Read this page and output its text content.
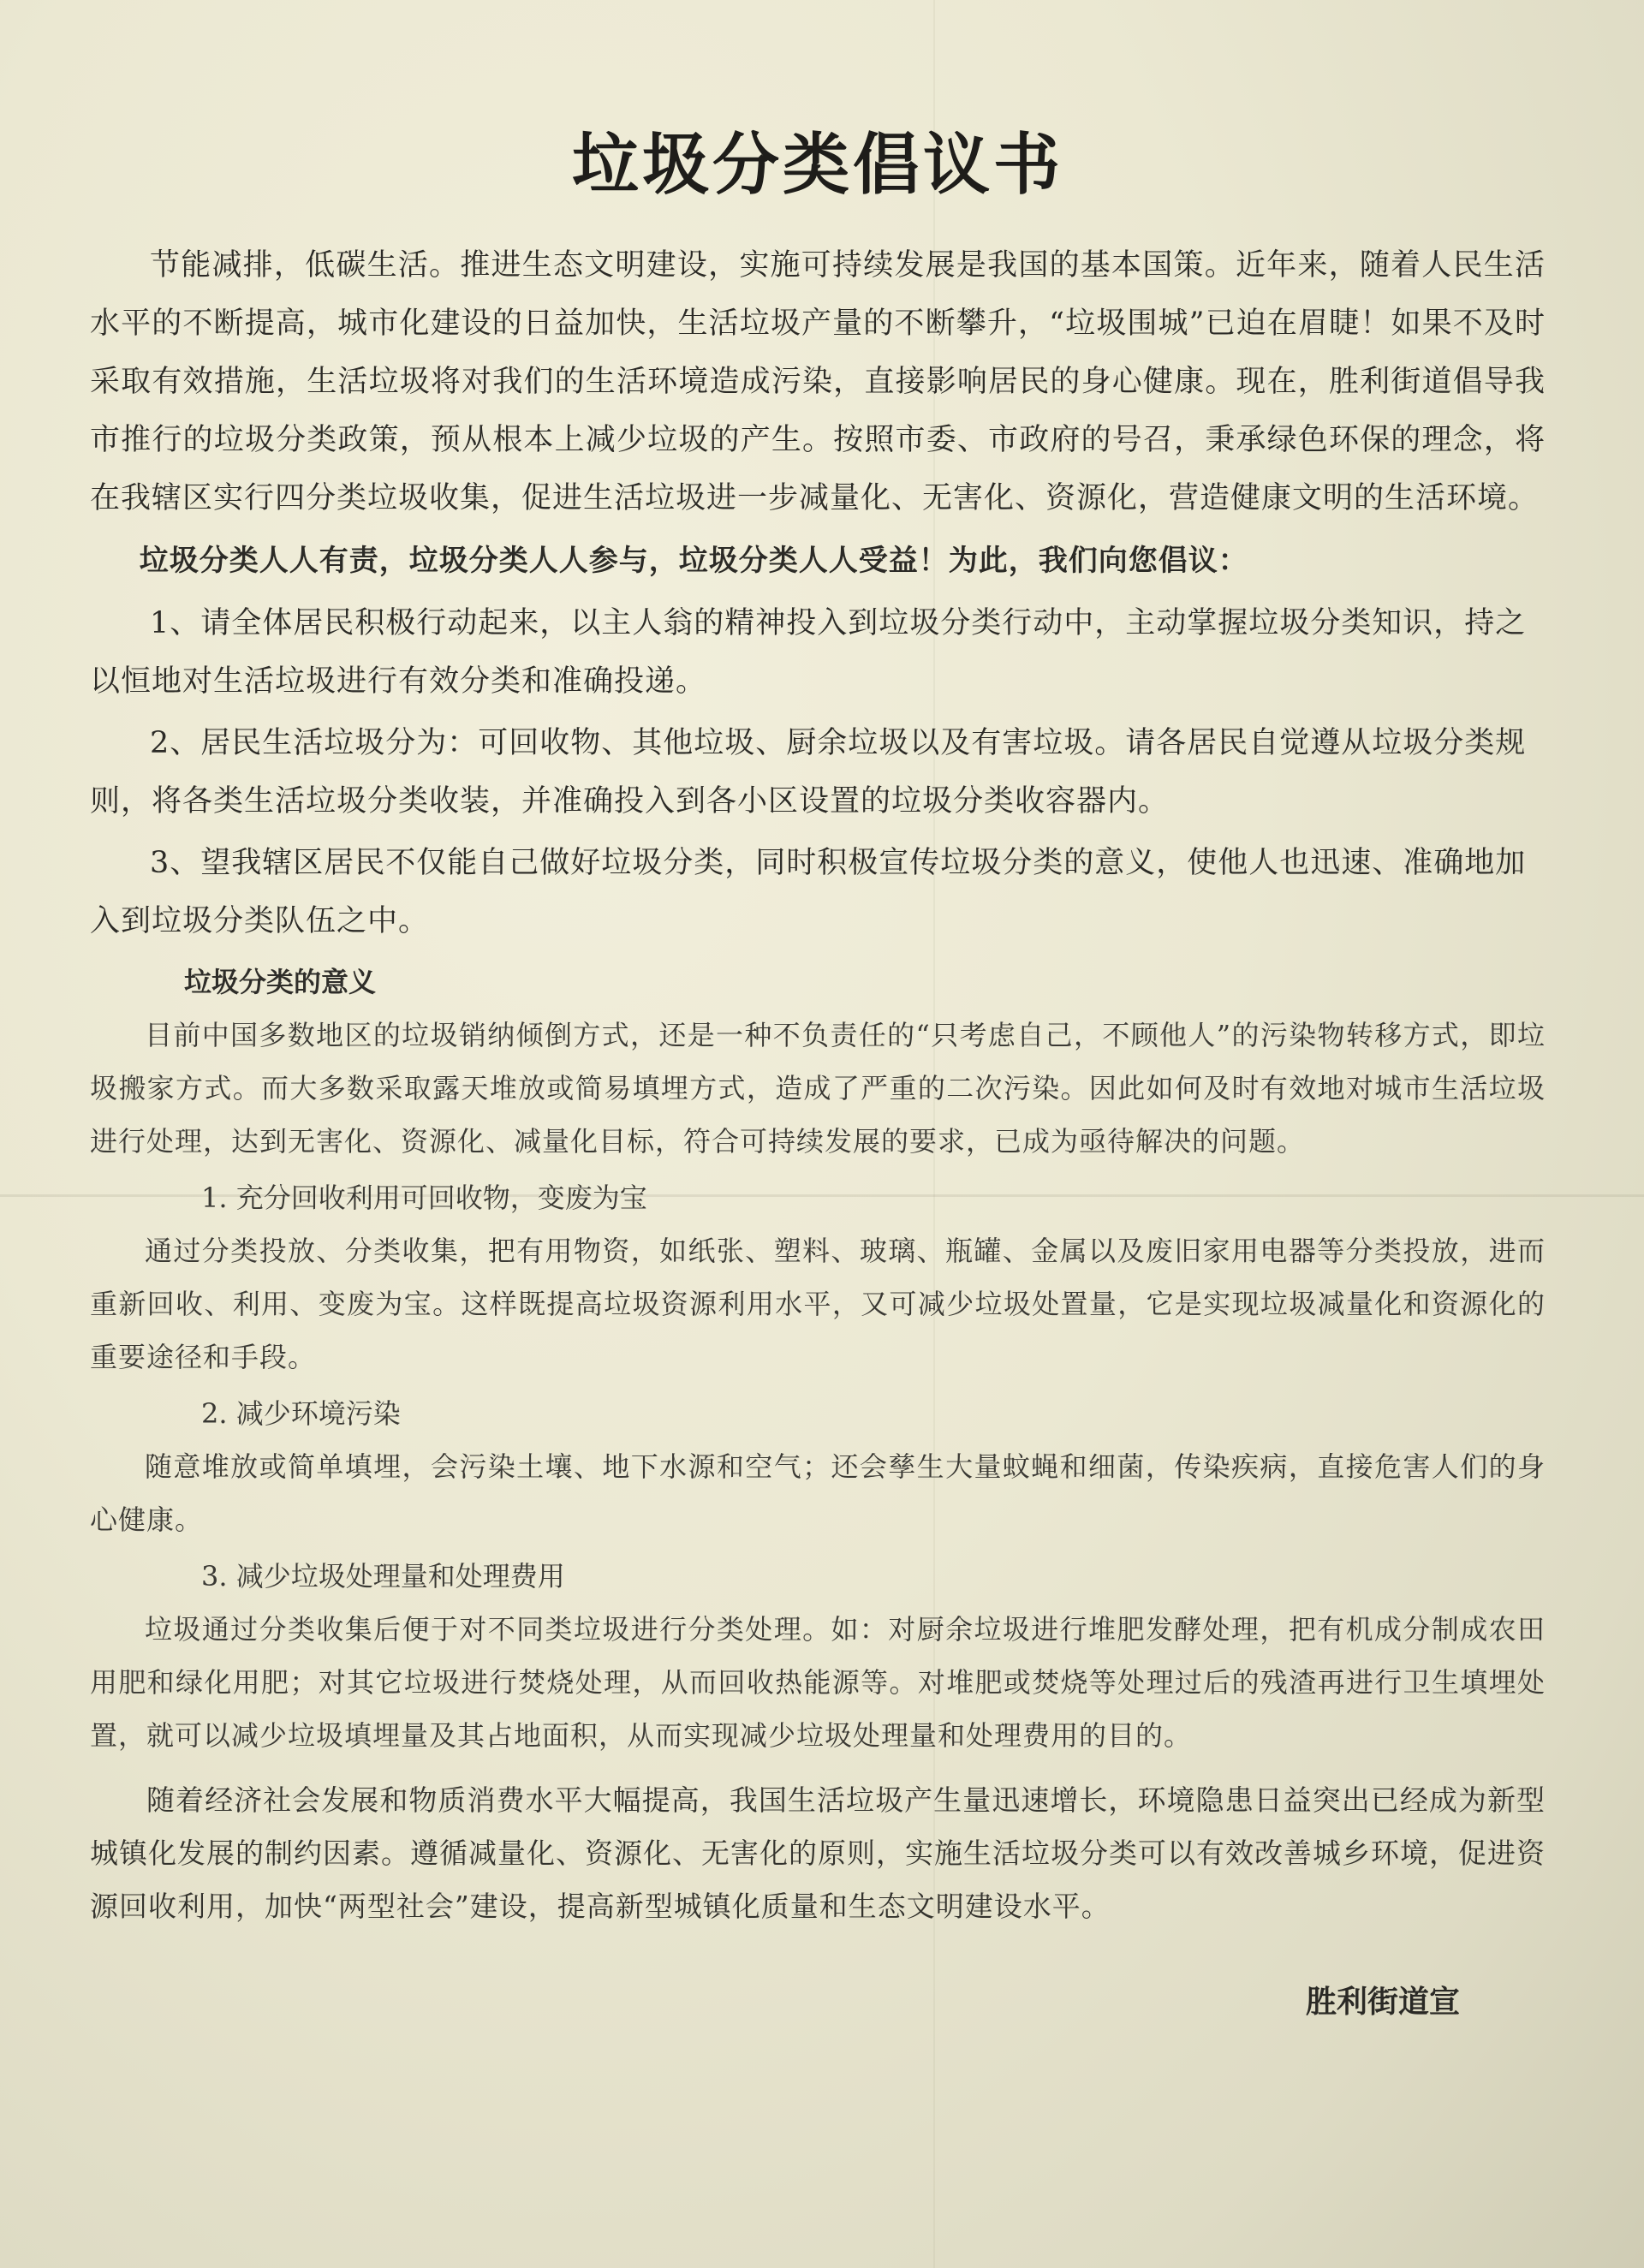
垃圾分类倡议书

节能减排，低碳生活。推进生态文明建设，实施可持续发展是我国的基本国策。近年来，随着人民生活水平的不断提高，城市化建设的日益加快，生活垃圾产量的不断攀升，“垃圾围城”已迫在眉睫！如果不及时采取有效措施，生活垃圾将对我们的生活环境造成污染，直接影响居民的身心健康。现在，胜利街道倡导我市推行的垃圾分类政策，预从根本上减少垃圾的产生。按照市委、市政府的号召，秉承绿色环保的理念，将在我辖区实行四分类垃圾收集，促进生活垃圾进一步减量化、无害化、资源化，营造健康文明的生活环境。

垃圾分类人人有责，垃圾分类人人参与，垃圾分类人人受益！为此，我们向您倡议：

1、请全体居民积极行动起来，以主人翁的精神投入到垃圾分类行动中，主动掌握垃圾分类知识，持之以恒地对生活垃圾进行有效分类和准确投递。

2、居民生活垃圾分为：可回收物、其他垃圾、厨余垃圾以及有害垃圾。请各居民自觉遵从垃圾分类规则，将各类生活垃圾分类收装，并准确投入到各小区设置的垃圾分类收容器内。

3、望我辖区居民不仅能自己做好垃圾分类，同时积极宣传垃圾分类的意义，使他人也迅速、准确地加入到垃圾分类队伍之中。

垃圾分类的意义

目前中国多数地区的垃圾销纳倾倒方式，还是一种不负责任的“只考虑自己，不顾他人”的污染物转移方式，即垃圾搬家方式。而大多数采取露天堆放或简易填埋方式，造成了严重的二次污染。因此如何及时有效地对城市生活垃圾进行处理，达到无害化、资源化、减量化目标，符合可持续发展的要求，已成为亟待解决的问题。

1. 充分回收利用可回收物，变废为宝

通过分类投放、分类收集，把有用物资，如纸张、塑料、玻璃、瓶罐、金属以及废旧家用电器等分类投放，进而重新回收、利用、变废为宝。这样既提高垃圾资源利用水平，又可减少垃圾处置量，它是实现垃圾减量化和资源化的重要途径和手段。

2. 减少环境污染

随意堆放或简单填埋，会污染土壤、地下水源和空气；还会孳生大量蚊蝇和细菌，传染疾病，直接危害人们的身心健康。

3. 减少垃圾处理量和处理费用

垃圾通过分类收集后便于对不同类垃圾进行分类处理。如：对厨余垃圾进行堆肥发酵处理，把有机成分制成农田用肥和绿化用肥；对其它垃圾进行焚烧处理，从而回收热能源等。对堆肥或焚烧等处理过后的残渣再进行卫生填埋处置，就可以减少垃圾填埋量及其占地面积，从而实现减少垃圾处理量和处理费用的目的。

随着经济社会发展和物质消费水平大幅提高，我国生活垃圾产生量迅速增长，环境隐患日益突出已经成为新型城镇化发展的制约因素。遵循减量化、资源化、无害化的原则，实施生活垃圾分类可以有效改善城乡环境，促进资源回收利用，加快“两型社会”建设，提高新型城镇化质量和生态文明建设水平。

胜利街道宣
